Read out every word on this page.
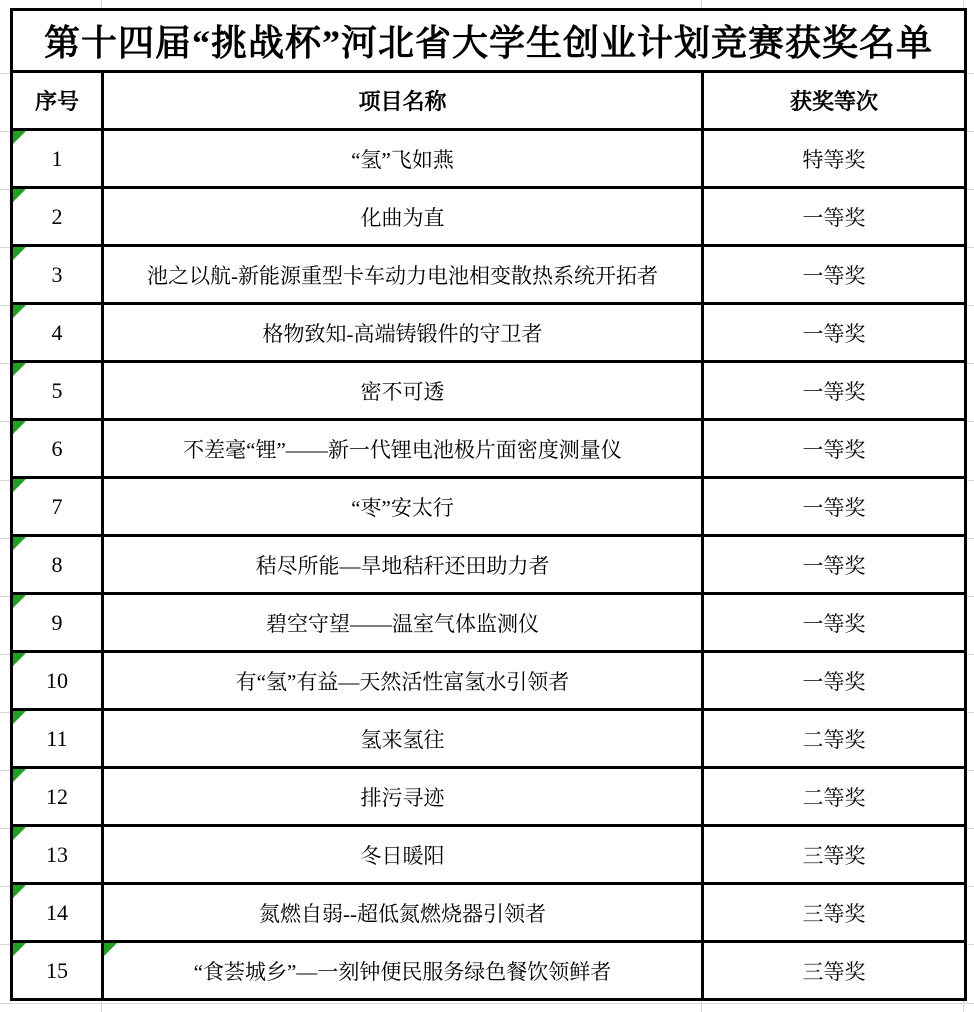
第十四届“挑战杯”河北省大学生创业计划竞赛获奖名单		
序号	项目名称	获奖等次

1	“氢”飞如燕	特等奖

2	化曲为直	一等奖

3	池之以航-新能源重型卡车动力电池相变散热系统开拓者	一等奖

4	格物致知-高端铸锻件的守卫者	一等奖

5	密不可透	一等奖

6	不差毫“锂”——新一代锂电池极片面密度测量仪	一等奖

7	“枣”安太行	一等奖

8	秸尽所能—旱地秸秆还田助力者	一等奖

9	碧空守望——温室气体监测仪	一等奖

10	有“氢”有益—天然活性富氢水引领者	一等奖

11	氢来氢往	二等奖

12	排污寻迹	二等奖

13	冬日暖阳	三等奖

14	氮燃自弱--超低氮燃烧器引领者	三等奖

15	“食荟城乡”—一刻钟便民服务绿色餐饮领鲜者	三等奖
